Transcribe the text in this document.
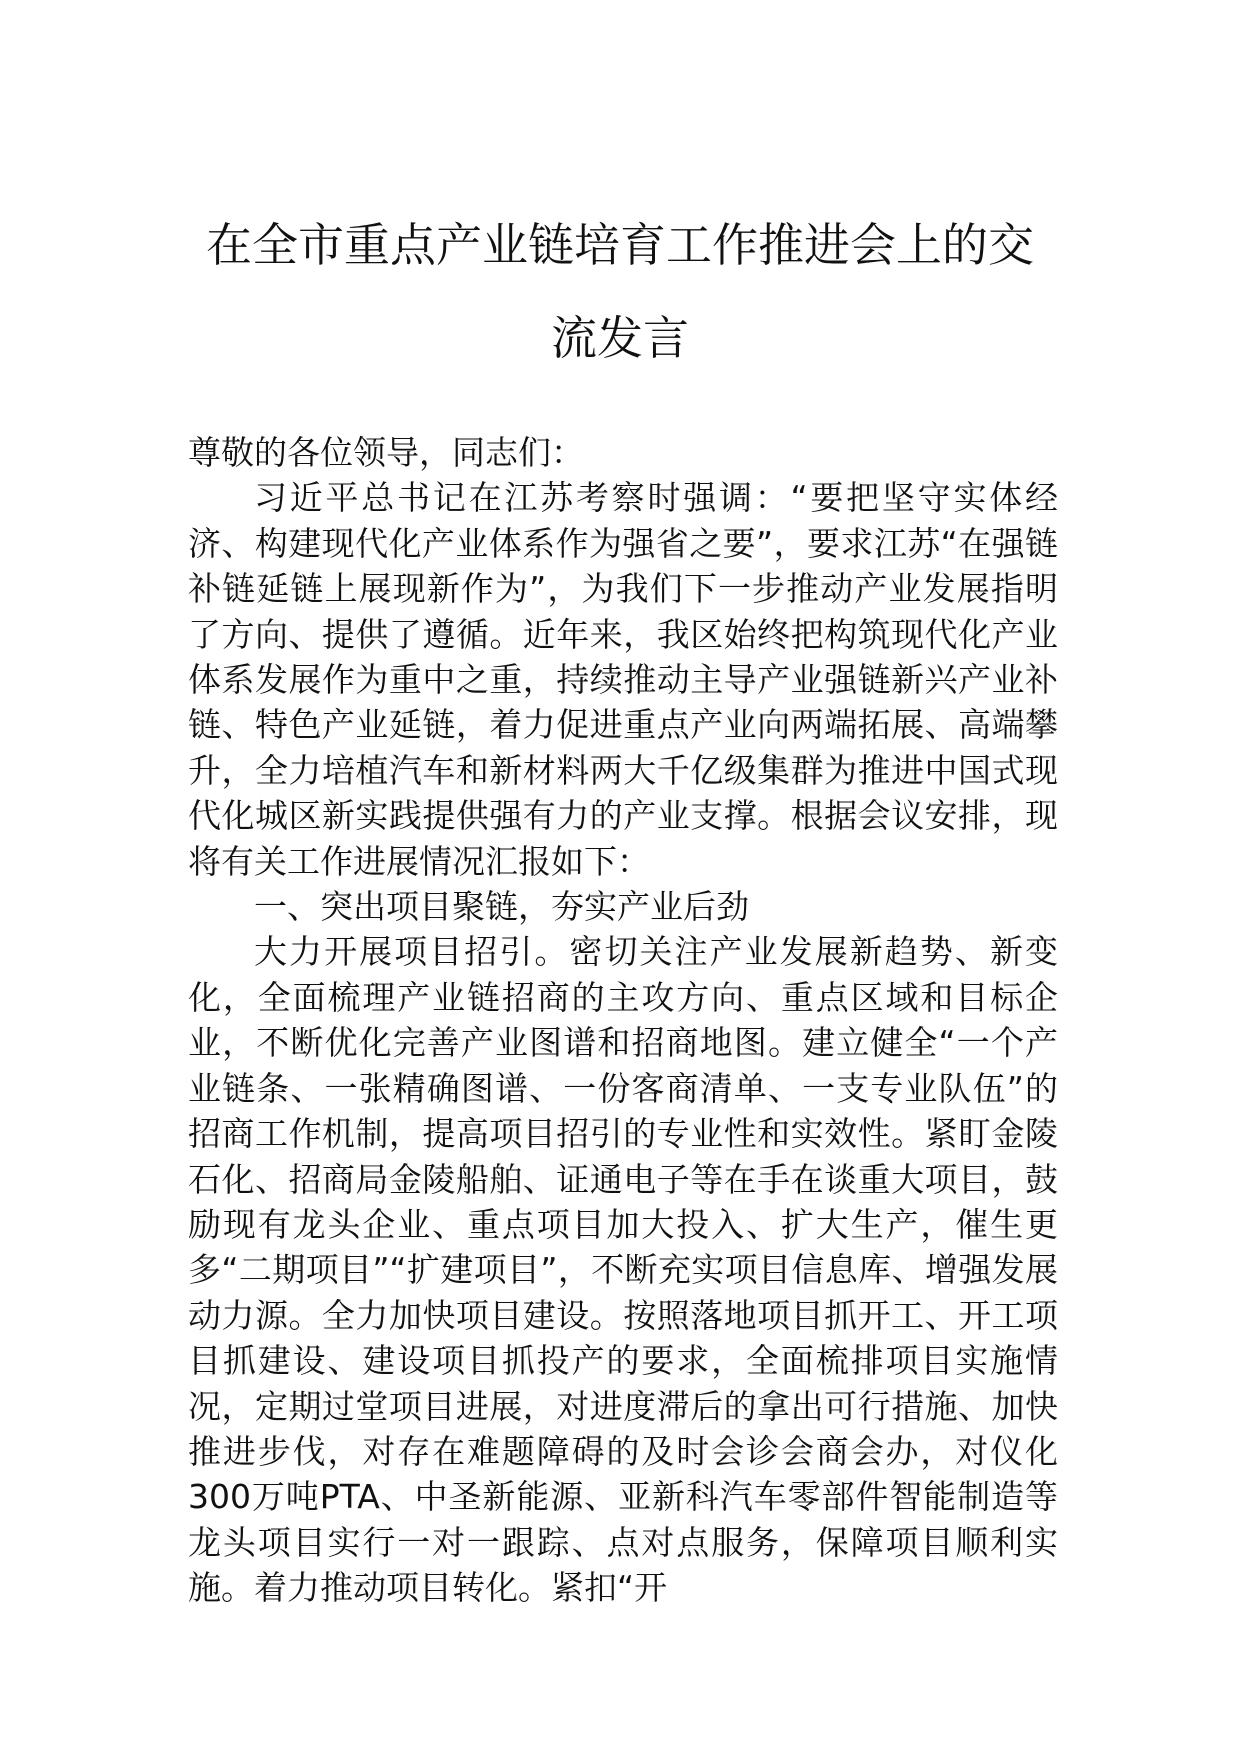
在全市重点产业链培育工作推进会上的交
流发言

尊敬的各位领导，同志们：

习近平总书记在江苏考察时强调：“要把坚守实体经济、构建现代化产业体系作为强省之要”，要求江苏“在强链补链延链上展现新作为”，为我们下一步推动产业发展指明了方向、提供了遵循。近年来，我区始终把构筑现代化产业体系发展作为重中之重，持续推动主导产业强链新兴产业补链、特色产业延链，着力促进重点产业向两端拓展、高端攀升，全力培植汽车和新材料两大千亿级集群为推进中国式现代化城区新实践提供强有力的产业支撑。根据会议安排，现将有关工作进展情况汇报如下：

一、突出项目聚链，夯实产业后劲

大力开展项目招引。密切关注产业发展新趋势、新变化，全面梳理产业链招商的主攻方向、重点区域和目标企业，不断优化完善产业图谱和招商地图。建立健全“一个产业链条、一张精确图谱、一份客商清单、一支专业队伍”的招商工作机制，提高项目招引的专业性和实效性。紧盯金陵石化、招商局金陵船舶、证通电子等在手在谈重大项目，鼓励现有龙头企业、重点项目加大投入、扩大生产，催生更多“二期项目”“扩建项目”，不断充实项目信息库、增强发展动力源。全力加快项目建设。按照落地项目抓开工、开工项目抓建设、建设项目抓投产的要求，全面梳排项目实施情况，定期过堂项目进展，对进度滞后的拿出可行措施、加快推进步伐，对存在难题障碍的及时会诊会商会办，对仪化300万吨PTA、中圣新能源、亚新科汽车零部件智能制造等龙头项目实行一对一跟踪、点对点服务，保障项目顺利实施。着力推动项目转化。紧扣“开
